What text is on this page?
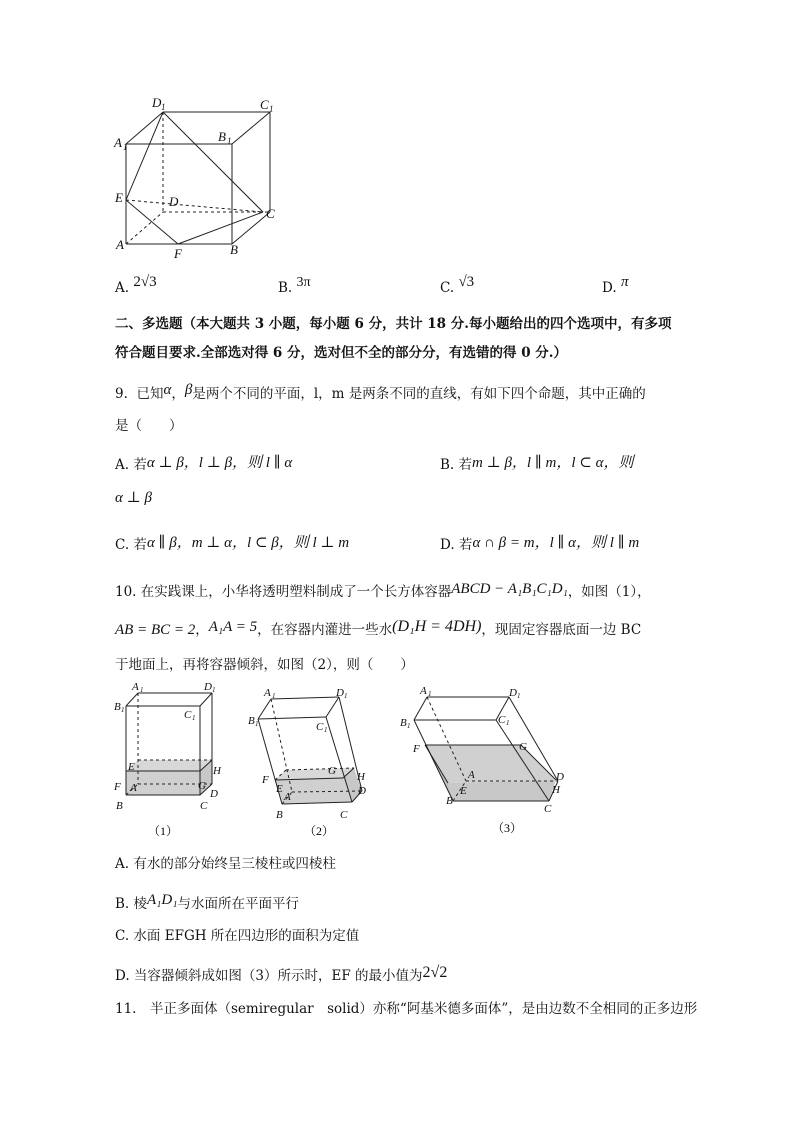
D 1	C 1
A 1
B 1
E	D
C
A
F	B
A. 2√3	B. 3π	C. √3	D. π
二、多选题（本大题共 3 小题，每小题 6 分，共计 18 分.每小题给出的四个选项中，有多项
符合题目要求.全部选对得 6 分，选对但不全的部分分，有选错的得 0 分.）
9. 已知α，β是两个不同的平面，l，m 是两条不同的直线，有如下四个命题，其中正确的
是（　　）
A. 若α ⊥ β，l ⊥ β，则 l ∥ α	B. 若m ⊥ β，l ∥ m，l ⊂ α，则
α ⊥ β
C. 若α ∥ β，m ⊥ α，l ⊂ β，则 l ⊥ m	D. 若α ∩ β = m，l ∥ α，则 l ∥ m
10. 在实践课上，小华将透明塑料制成了一个长方体容器ABCD − A₁B₁C₁D₁，如图（1），
AB = BC = 2，A₁A = 5，在容器内灌进一些水(D₁H = 4DH)，现固定容器底面一边 BC
于地面上，再将容器倾斜，如图（2），则（　　）
A 1	D 1
B 1	C 1
E	H
F A	G
D
B	C
（1）
A 1	D 1
B 1	C 1
G H
F
E
A	D
B	C
（2）
A 1	D 1
B 1	C 1
F	G
A	D
H
E
B
C
（3）
A. 有水的部分始终呈三棱柱或四棱柱
B. 棱A₁D₁与水面所在平面平行
C. 水面 EFGH 所在四边形的面积为定值
D. 当容器倾斜成如图（3）所示时，EF 的最小值为2√2
11.　半正多面体（semiregular　solid）亦称“阿基米德多面体”，是由边数不全相同的正多边形
